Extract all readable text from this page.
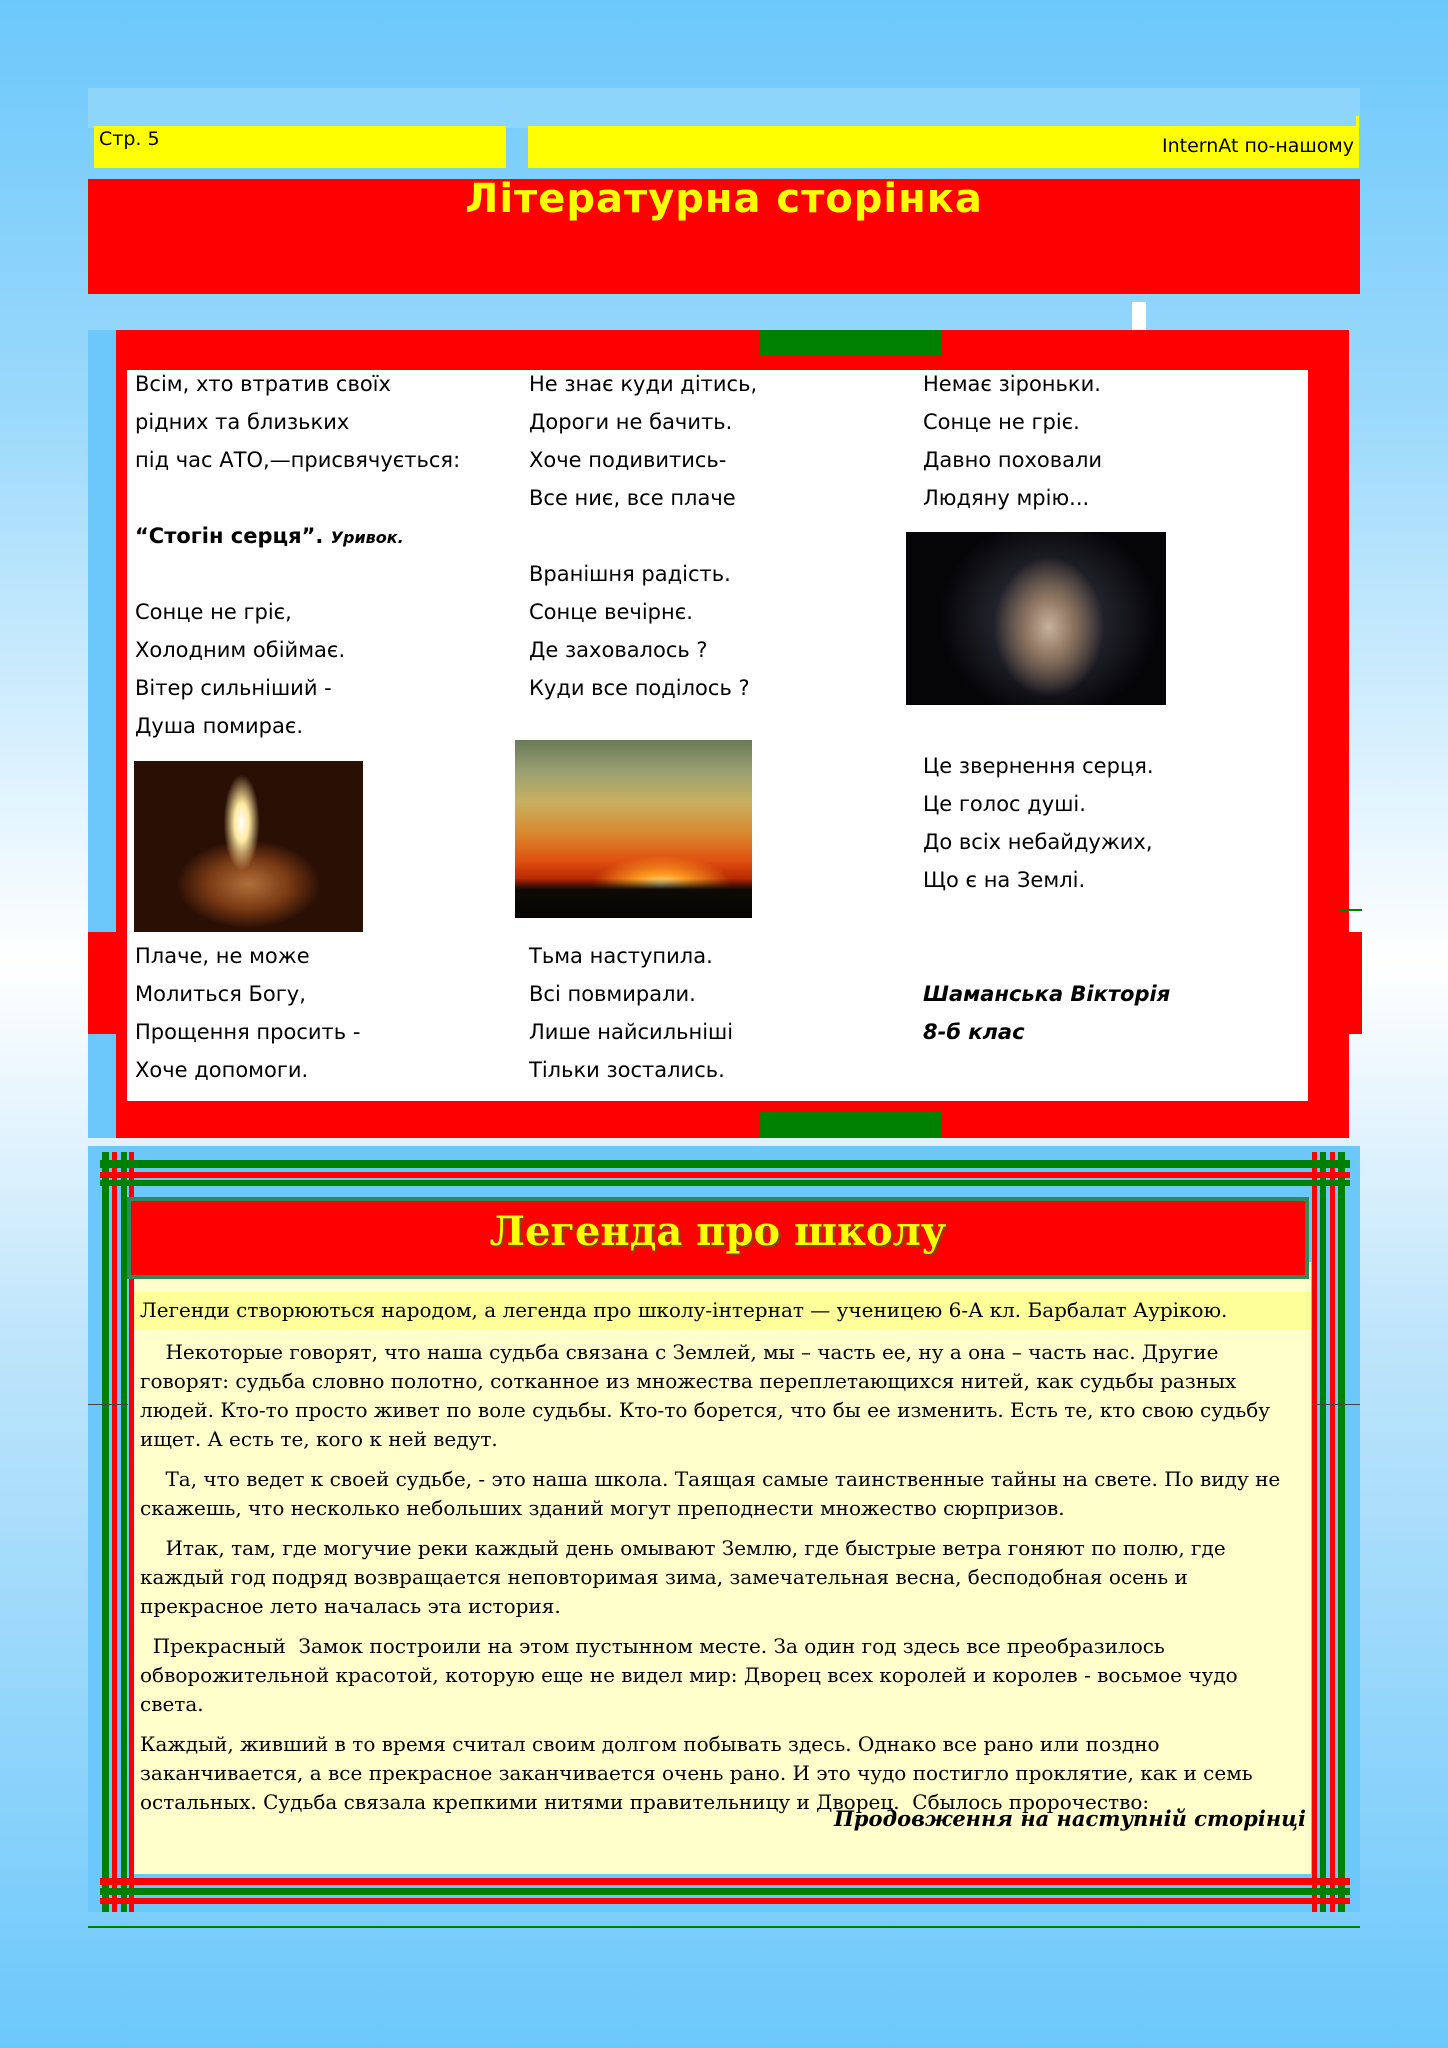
Стр. 5	InternAt по-нашому
Літературна сторінка
Всім, хто втратив своїх
рідних та близьких
під час АТО,—присвячується:
“Стогін серця”. Уривок.
Сонце не гріє,
Холодним обіймає.
Вітер сильніший -
Душа помирає.
Плаче, не може
Молиться Богу,
Прощення просить -
Хоче допомоги.
Не знає куди дітись,
Дороги не бачить.
Хоче подивитись-
Все ниє, все плаче
Вранішня радість.
Сонце вечірнє.
Де заховалось ?
Куди все поділось ?
Тьма наступила.
Всі повмирали.
Лише найсильніші
Тільки зостались.
Немає зіроньки.
Сонце не гріє.
Давно поховали
Людяну мрію...
Це звернення серця.
Це голос душі.
До всіх небайдужих,
Що є на Землі.
Шаманська Вікторія
8-б клас
Легенда про школу
Легенди створюються народом, а легенда про школу-інтернат — ученицею 6-А кл. Барбалат Аурікою.

Некоторые говорят, что наша судьба связана с Землей, мы – часть ее, ну а она – часть нас. Другие говорят: судьба словно полотно, сотканное из множества переплетающихся нитей, как судьбы разных людей. Кто-то просто живет по воле судьбы. Кто-то борется, что бы ее изменить. Есть те, кто свою судьбу ищет. А есть те, кого к ней ведут.

Та, что ведет к своей судьбе, - это наша школа. Таящая самые таинственные тайны на свете. По виду не скажешь, что несколько небольших зданий могут преподнести множество сюрпризов.

Итак, там, где могучие реки каждый день омывают Землю, где быстрые ветра гоняют по полю, где каждый год подряд возвращается неповторимая зима, замечательная весна, бесподобная осень и прекрасное лето началась эта история.

Прекрасный  Замок построили на этом пустынном месте. За один год здесь все преобразилось обворожительной красотой, которую еще не видел мир: Дворец всех королей и королев - восьмое чудо света.

Каждый, живший в то время считал своим долгом побывать здесь. Однако все рано или поздно заканчивается, а все прекрасное заканчивается очень рано. И это чудо постигло проклятие, как и семь остальных. Судьба связала крепкими нитями правительницу и Дворец.  Сбылось пророчество:

Продовження на наступній сторінці
